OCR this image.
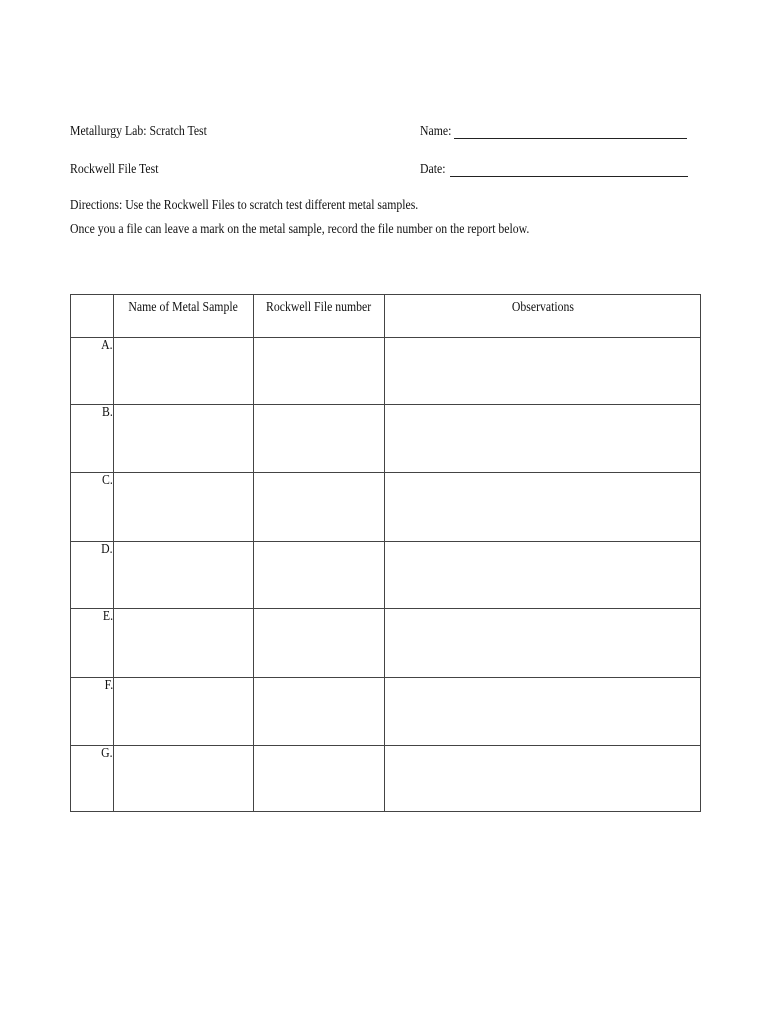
Metallurgy Lab: Scratch Test	Name:
Rockwell File Test	Date:
Directions: Use the Rockwell Files to scratch test different metal samples.
Once you a file can leave a mark on the metal sample, record the file number on the report below.
	Name of Metal Sample	Rockwell File number	Observations
A.			
B.			
C.			
D.			
E.			
F.			
G.			
